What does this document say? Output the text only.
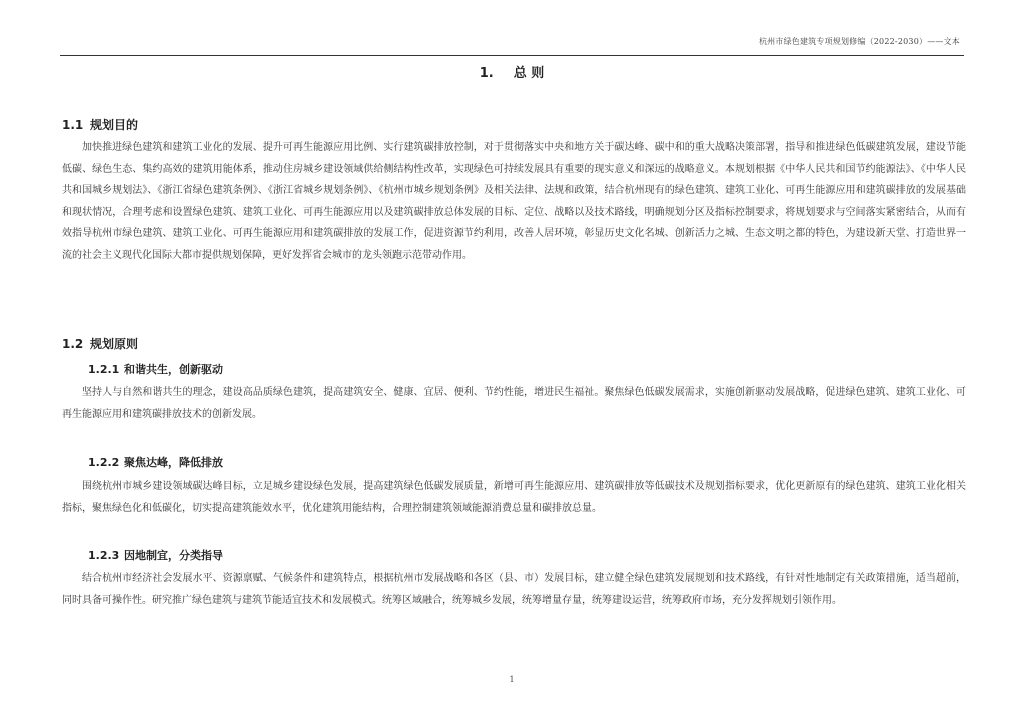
杭州市绿色建筑专项规划修编（2022-2030）——文本
1. 总 则
1.1 规划目的
加快推进绿色建筑和建筑工业化的发展、提升可再生能源应用比例、实行建筑碳排放控制，对于贯彻落实中央和地方关于碳达峰、碳中和的重大战略决策部署，指导和推进绿色低碳建筑发展，建设节能低碳、绿色生态、集约高效的建筑用能体系，推动住房城乡建设领域供给侧结构性改革，实现绿色可持续发展具有重要的现实意义和深远的战略意义。本规划根据《中华人民共和国节约能源法》、《中华人民共和国城乡规划法》、《浙江省绿色建筑条例》、《浙江省城乡规划条例》、《杭州市城乡规划条例》及相关法律、法规和政策，结合杭州现有的绿色建筑、建筑工业化、可再生能源应用和建筑碳排放的发展基础和现状情况，合理考虑和设置绿色建筑、建筑工业化、可再生能源应用以及建筑碳排放总体发展的目标、定位、战略以及技术路线，明确规划分区及指标控制要求，将规划要求与空间落实紧密结合，从而有效指导杭州市绿色建筑、建筑工业化、可再生能源应用和建筑碳排放的发展工作，促进资源节约利用，改善人居环境，彰显历史文化名城、创新活力之城、生态文明之都的特色，为建设新天堂、打造世界一流的社会主义现代化国际大都市提供规划保障，更好发挥省会城市的龙头领跑示范带动作用。
1.2 规划原则
1.2.1 和谐共生，创新驱动
坚持人与自然和谐共生的理念，建设高品质绿色建筑，提高建筑安全、健康、宜居、便利、节约性能，增进民生福祉。聚焦绿色低碳发展需求，实施创新驱动发展战略，促进绿色建筑、建筑工业化、可再生能源应用和建筑碳排放技术的创新发展。
1.2.2 聚焦达峰，降低排放
围绕杭州市城乡建设领域碳达峰目标，立足城乡建设绿色发展，提高建筑绿色低碳发展质量，新增可再生能源应用、建筑碳排放等低碳技术及规划指标要求，优化更新原有的绿色建筑、建筑工业化相关指标，聚焦绿色化和低碳化，切实提高建筑能效水平，优化建筑用能结构，合理控制建筑领域能源消费总量和碳排放总量。
1.2.3 因地制宜，分类指导
结合杭州市经济社会发展水平、资源禀赋、气候条件和建筑特点，根据杭州市发展战略和各区（县、市）发展目标，建立健全绿色建筑发展规划和技术路线，有针对性地制定有关政策措施，适当超前，同时具备可操作性。研究推广绿色建筑与建筑节能适宜技术和发展模式。统筹区域融合，统筹城乡发展，统筹增量存量，统筹建设运营，统筹政府市场，充分发挥规划引领作用。
1
